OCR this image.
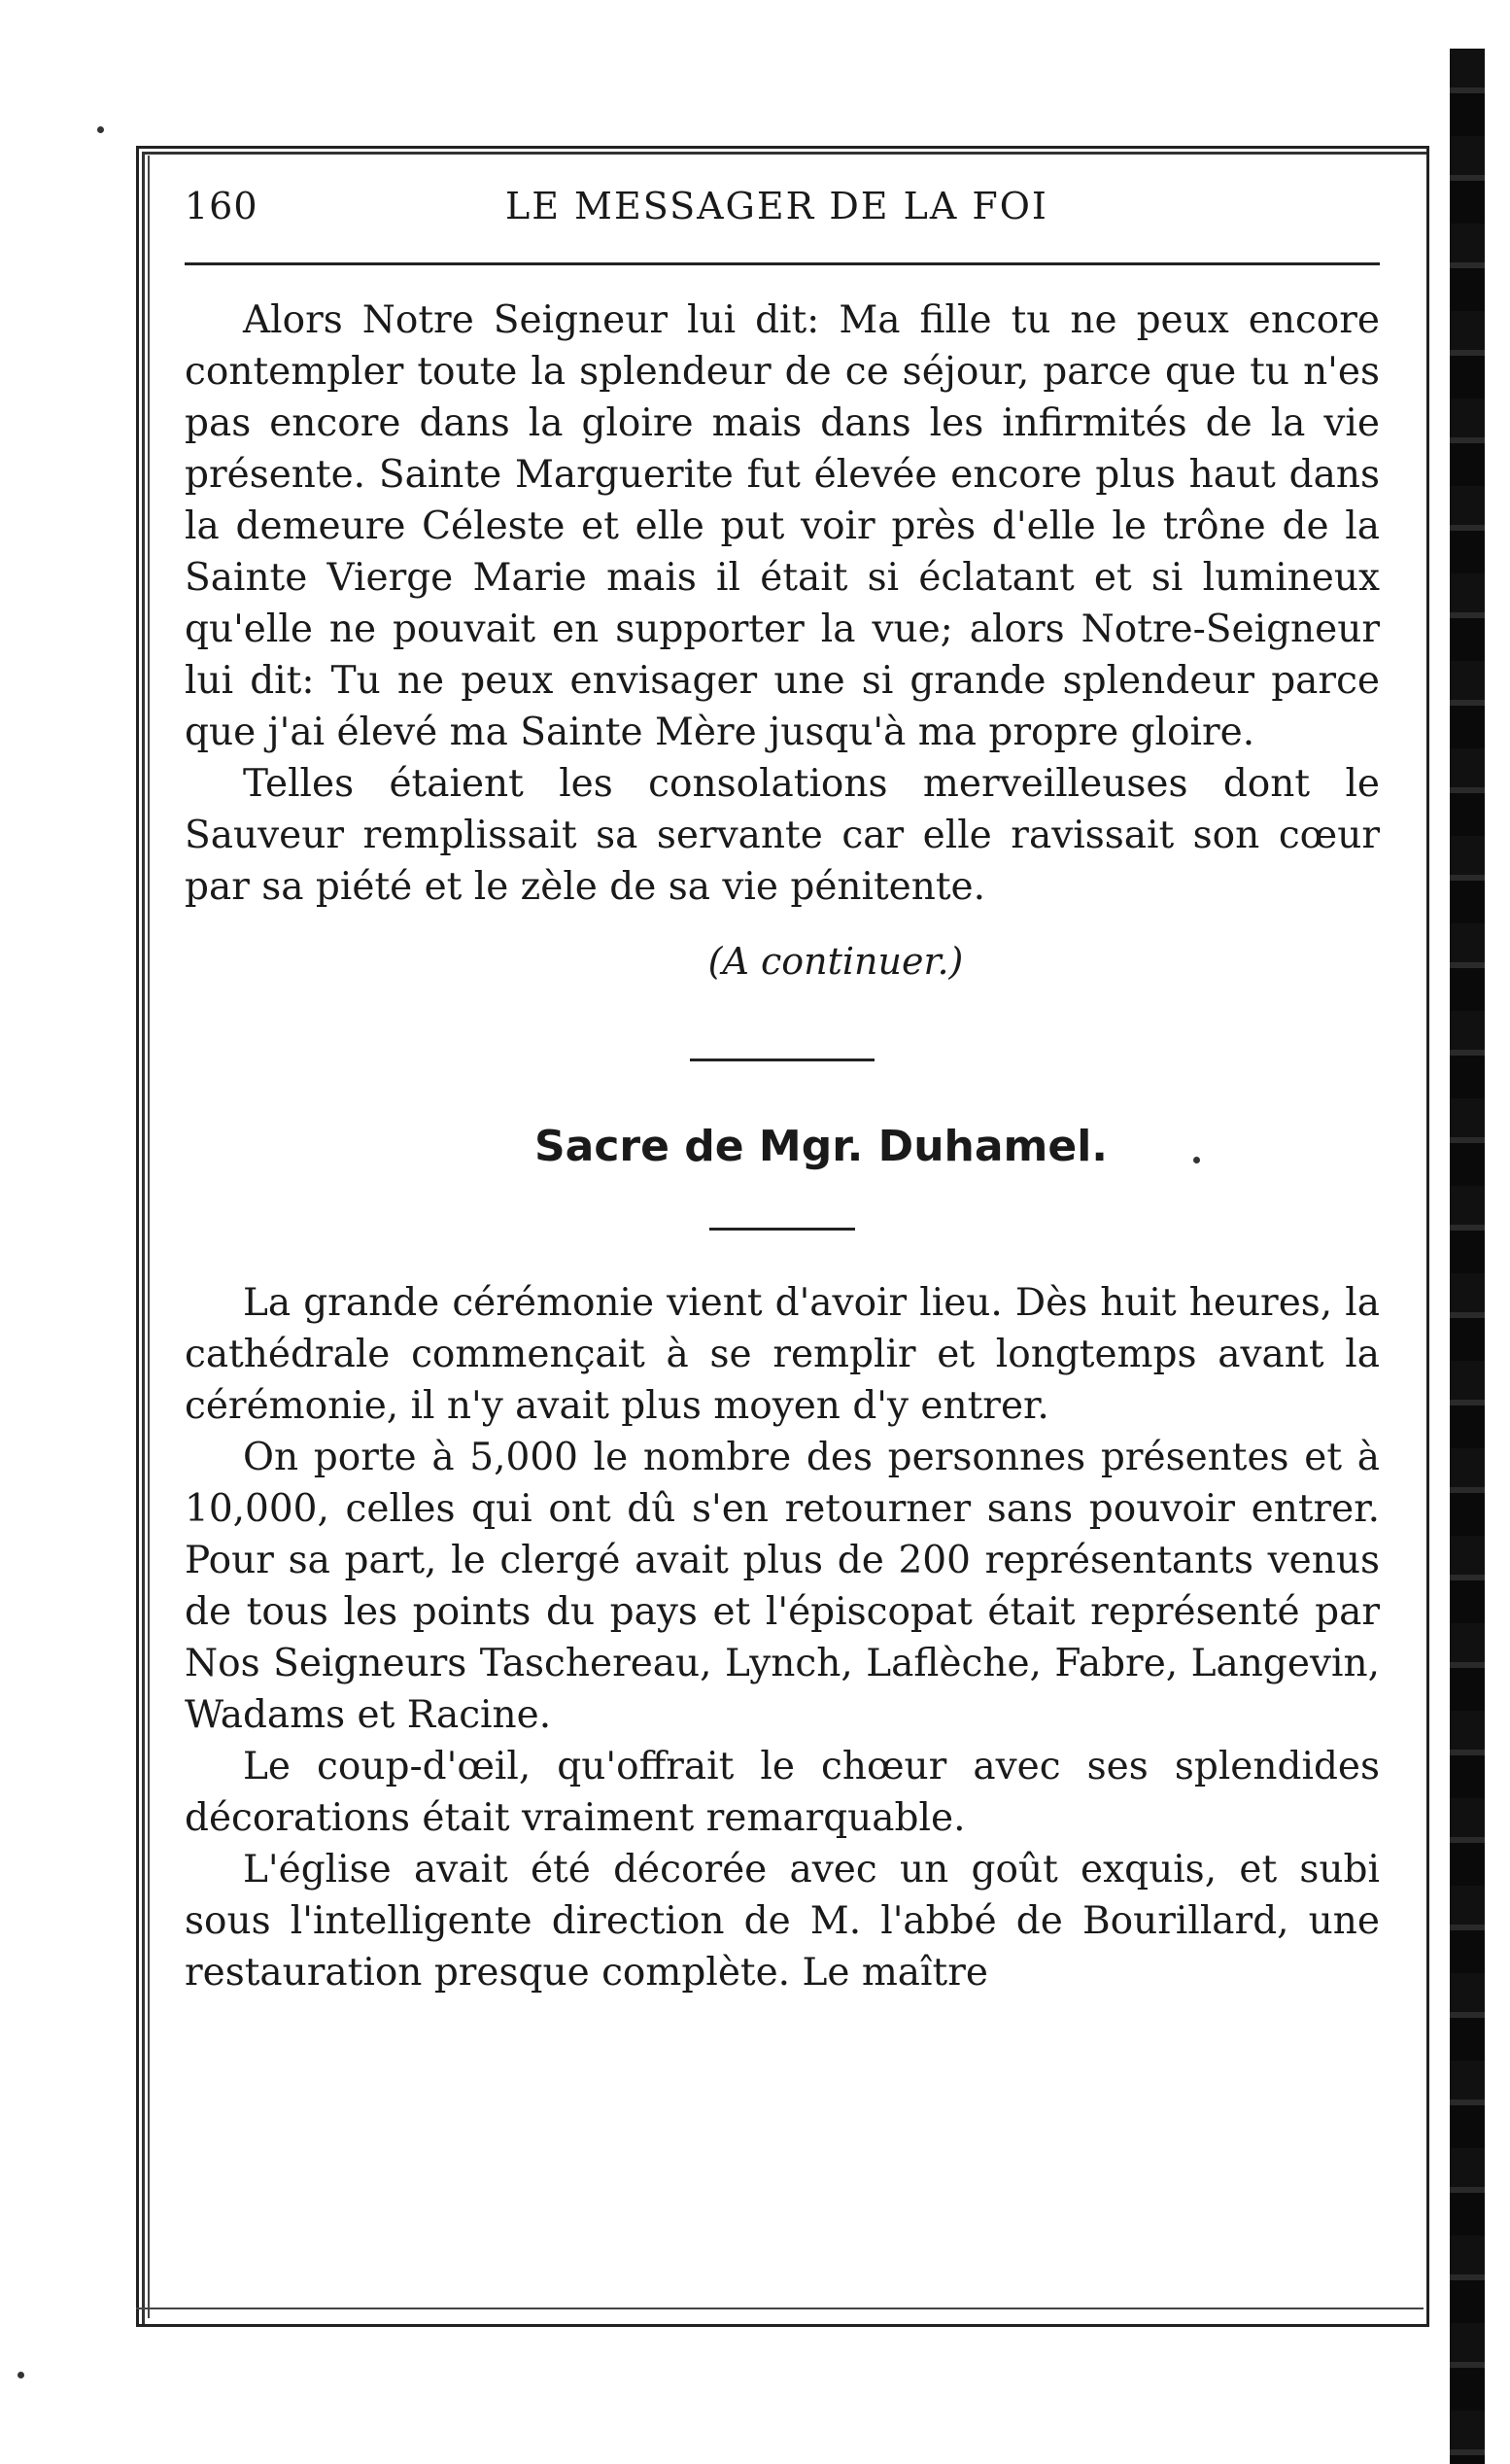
160	LE MESSAGER DE LA FOI

Alors Notre Seigneur lui dit: Ma fille tu ne peux encore contempler toute la splendeur de ce séjour, parce que tu n'es pas encore dans la gloire mais dans les infirmités de la vie présente. Sainte Marguerite fut élevée encore plus haut dans la demeure Céleste et elle put voir près d'elle le trône de la Sainte Vierge Marie mais il était si éclatant et si lumineux qu'elle ne pouvait en supporter la vue; alors Notre-Seigneur lui dit: Tu ne peux envisager une si grande splendeur parce que j'ai élevé ma Sainte Mère jusqu'à ma propre gloire.

Telles étaient les consolations merveilleuses dont le Sauveur remplissait sa servante car elle ravissait son cœur par sa piété et le zèle de sa vie pénitente.

(A continuer.)

Sacre de Mgr. Duhamel.

La grande cérémonie vient d'avoir lieu. Dès huit heures, la cathédrale commençait à se remplir et longtemps avant la cérémonie, il n'y avait plus moyen d'y entrer.

On porte à 5,000 le nombre des personnes présentes et à 10,000, celles qui ont dû s'en retourner sans pouvoir entrer. Pour sa part, le clergé avait plus de 200 représentants venus de tous les points du pays et l'épiscopat était représenté par Nos Seigneurs Taschereau, Lynch, Laflèche, Fabre, Langevin, Wadams et Racine.

Le coup-d'œil, qu'offrait le chœur avec ses splendides décorations était vraiment remarquable.

L'église avait été décorée avec un goût exquis, et subi sous l'intelligente direction de M. l'abbé de Bourillard, une restauration presque complète. Le maître
